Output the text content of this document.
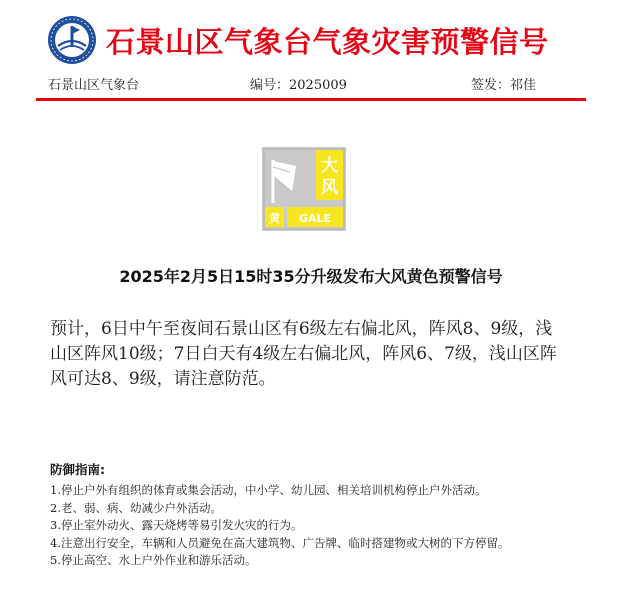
石景山区气象台气象灾害预警信号
石景山区气象台	编号：2025009	签发：祁佳
大
风
黄 GALE
2025年2月5日15时35分升级发布大风黄色预警信号
预计，6日中午至夜间石景山区有6级左右偏北风，阵风8、9级，浅
山区阵风10级；7日白天有4级左右偏北风，阵风6、7级，浅山区阵
风可达8、9级，请注意防范。
防御指南:
1.停止户外有组织的体育或集会活动，中小学、幼儿园、相关培训机构停止户外活动。
2.老、弱、病、幼减少户外活动。
3.停止室外动火、露天烧烤等易引发火灾的行为。
4.注意出行安全，车辆和人员避免在高大建筑物、广告牌、临时搭建物或大树的下方停留。
5.停止高空、水上户外作业和游乐活动。
